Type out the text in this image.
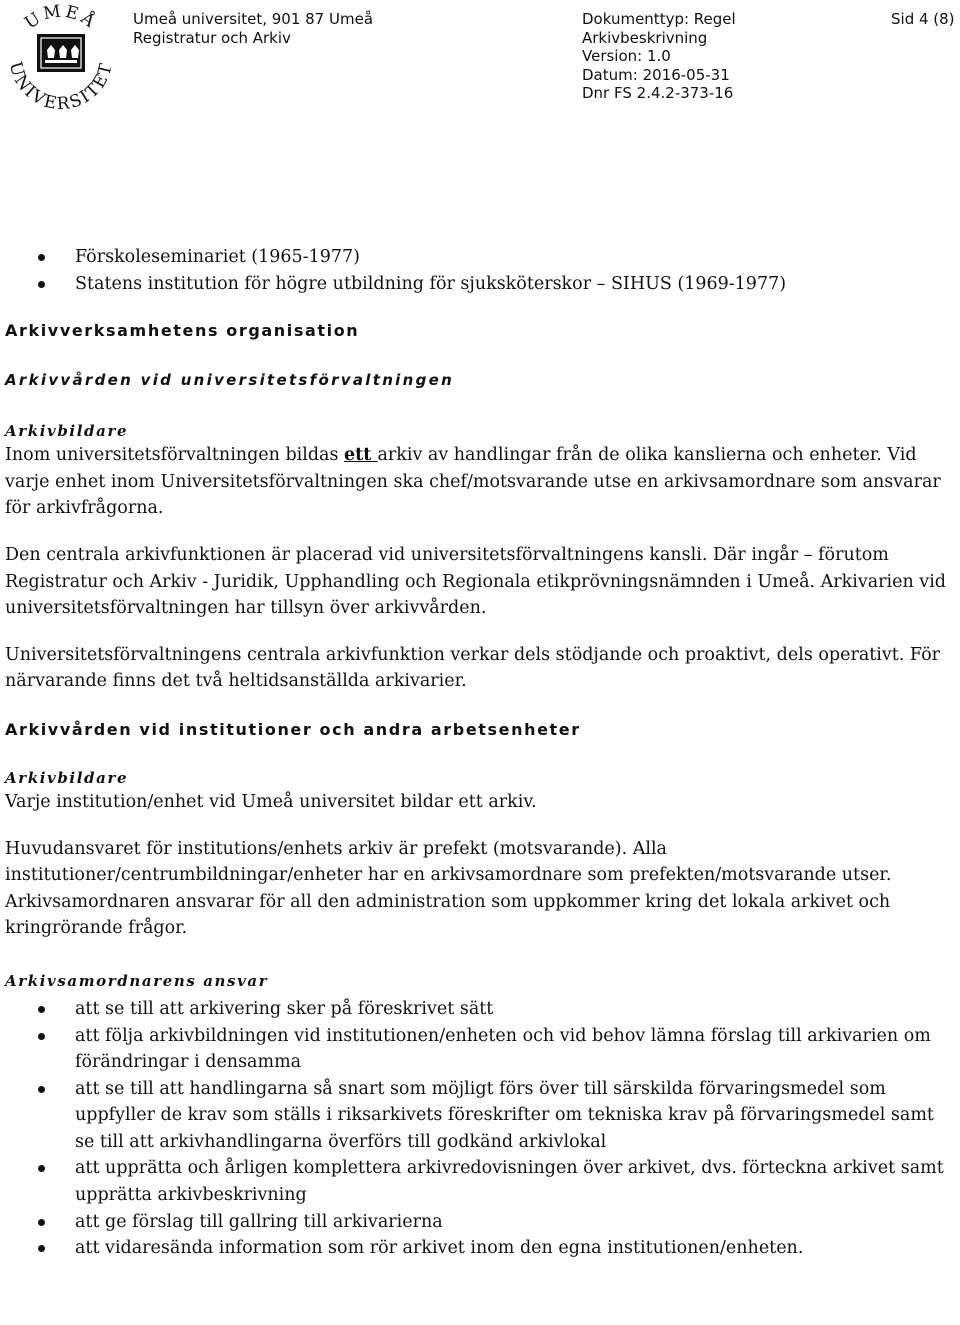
UMEÅ
UNIVERSITET
Umeå universitet, 901 87 Umeå
Registratur och Arkiv
Dokumenttyp: Regel
Arkivbeskrivning
Version: 1.0
Datum: 2016-05-31
Dnr FS 2.4.2-373-16
Sid 4 (8)
Förskoleseminariet (1965-1977)
Statens institution för högre utbildning för sjuksköterskor – SIHUS (1969-1977)
Arkivverksamhetens organisation
Arkivvården vid universitetsförvaltningen
Arkivbildare

Inom universitetsförvaltningen bildas ett arkiv av handlingar från de olika kanslierna och enheter. Vid varje enhet inom Universitetsförvaltningen ska chef/motsvarande utse en arkivsamordnare som ansvarar för arkivfrågorna.

Den centrala arkivfunktionen är placerad vid universitetsförvaltningens kansli. Där ingår – förutom Registratur och Arkiv - Juridik, Upphandling och Regionala etikprövningsnämnden i Umeå. Arkivarien vid universitetsförvaltningen har tillsyn över arkivvården.

Universitetsförvaltningens centrala arkivfunktion verkar dels stödjande och proaktivt, dels operativt. För närvarande finns det två heltidsanställda arkivarier.

Arkivvården vid institutioner och andra arbetsenheter
Arkivbildare

Varje institution/enhet vid Umeå universitet bildar ett arkiv.

Huvudansvaret för institutions/enhets arkiv är prefekt (motsvarande). Alla institutioner/centrumbildningar/enheter har en arkivsamordnare som prefekten/motsvarande utser. Arkivsamordnaren ansvarar för all den administration som uppkommer kring det lokala arkivet och kringrörande frågor.

Arkivsamordnarens ansvar
att se till att arkivering sker på föreskrivet sätt
att följa arkivbildningen vid institutionen/enheten och vid behov lämna förslag till arkivarien om förändringar i densamma
att se till att handlingarna så snart som möjligt förs över till särskilda förvaringsmedel som uppfyller de krav som ställs i riksarkivets föreskrifter om tekniska krav på förvaringsmedel samt se till att arkivhandlingarna överförs till godkänd arkivlokal
att upprätta och årligen komplettera arkivredovisningen över arkivet, dvs. förteckna arkivet samt upprätta arkivbeskrivning
att ge förslag till gallring till arkivarierna
att vidaresända information som rör arkivet inom den egna institutionen/enheten.
